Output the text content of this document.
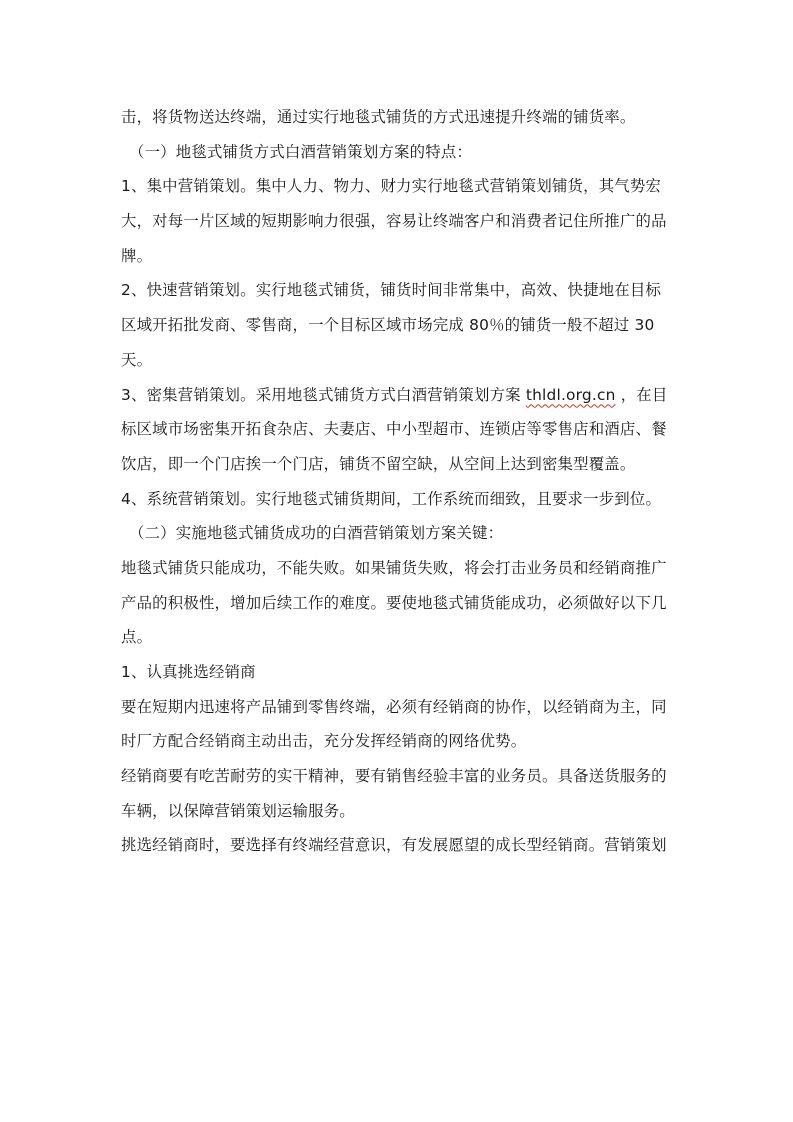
击，将货物送达终端，通过实行地毯式铺货的方式迅速提升终端的铺货率。
（一）地毯式铺货方式白酒营销策划方案的特点：
1、集中营销策划。集中人力、物力、财力实行地毯式营销策划铺货，其气势宏
大，对每一片区域的短期影响力很强，容易让终端客户和消费者记住所推广的品
牌。
2、快速营销策划。实行地毯式铺货，铺货时间非常集中，高效、快捷地在目标
区域开拓批发商、零售商，一个目标区域市场完成 80％的铺货一般不超过 30
天。
3、密集营销策划。采用地毯式铺货方式白酒营销策划方案 thldl.org.cn ，在目
标区域市场密集开拓食杂店、夫妻店、中小型超市、连锁店等零售店和酒店、餐
饮店，即一个门店挨一个门店，铺货不留空缺，从空间上达到密集型覆盖。
4、系统营销策划。实行地毯式铺货期间，工作系统而细致，且要求一步到位。
（二）实施地毯式铺货成功的白酒营销策划方案关键：
地毯式铺货只能成功，不能失败。如果铺货失败，将会打击业务员和经销商推广
产品的积极性，增加后续工作的难度。要使地毯式铺货能成功，必须做好以下几
点。
1、认真挑选经销商
要在短期内迅速将产品铺到零售终端，必须有经销商的协作，以经销商为主，同
时厂方配合经销商主动出击，充分发挥经销商的网络优势。
经销商要有吃苦耐劳的实干精神，要有销售经验丰富的业务员。具备送货服务的
车辆，以保障营销策划运输服务。
挑选经销商时，要选择有终端经营意识，有发展愿望的成长型经销商。营销策划
